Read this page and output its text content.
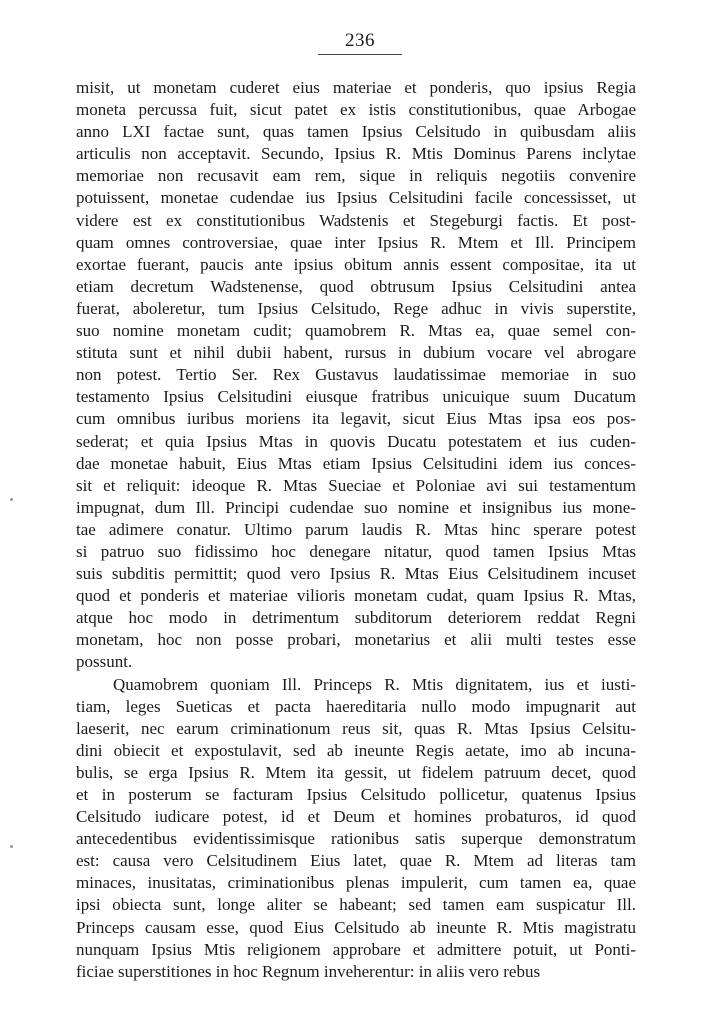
236
misit, ut monetam cuderet eius materiae et ponderis, quo ipsius Regia
moneta percussa fuit, sicut patet ex istis constitutionibus, quae Arbogae
anno LXI factae sunt, quas tamen Ipsius Celsitudo in quibusdam aliis
articulis non acceptavit. Secundo, Ipsius R. Mtis Dominus Parens inclytae
memoriae non recusavit eam rem, sique in reliquis negotiis convenire
potuissent, monetae cudendae ius Ipsius Celsitudini facile concessisset, ut
videre est ex constitutionibus Wadstenis et Stegeburgi factis. Et post-
quam omnes controversiae, quae inter Ipsius R. Mtem et Ill. Principem
exortae fuerant, paucis ante ipsius obitum annis essent compositae, ita ut
etiam decretum Wadstenense, quod obtrusum Ipsius Celsitudini antea
fuerat, aboleretur, tum Ipsius Celsitudo, Rege adhuc in vivis superstite,
suo nomine monetam cudit; quamobrem R. Mtas ea, quae semel con-
stituta sunt et nihil dubii habent, rursus in dubium vocare vel abrogare
non potest. Tertio Ser. Rex Gustavus laudatissimae memoriae in suo
testamento Ipsius Celsitudini eiusque fratribus unicuique suum Ducatum
cum omnibus iuribus moriens ita legavit, sicut Eius Mtas ipsa eos pos-
sederat; et quia Ipsius Mtas in quovis Ducatu potestatem et ius cuden-
dae monetae habuit, Eius Mtas etiam Ipsius Celsitudini idem ius conces-
sit et reliquit: ideoque R. Mtas Sueciae et Poloniae avi sui testamentum
impugnat, dum Ill. Principi cudendae suo nomine et insignibus ius mone-
tae adimere conatur. Ultimo parum laudis R. Mtas hinc sperare potest
si patruo suo fidissimo hoc denegare nitatur, quod tamen Ipsius Mtas
suis subditis permittit; quod vero Ipsius R. Mtas Eius Celsitudinem incuset
quod et ponderis et materiae vilioris monetam cudat, quam Ipsius R. Mtas,
atque hoc modo in detrimentum subditorum deteriorem reddat Regni
monetam, hoc non posse probari, monetarius et alii multi testes esse
possunt.
Quamobrem quoniam Ill. Princeps R. Mtis dignitatem, ius et iusti-
tiam, leges Sueticas et pacta haereditaria nullo modo impugnarit aut
laeserit, nec earum criminationum reus sit, quas R. Mtas Ipsius Celsitu-
dini obiecit et expostulavit, sed ab ineunte Regis aetate, imo ab incuna-
bulis, se erga Ipsius R. Mtem ita gessit, ut fidelem patruum decet, quod
et in posterum se facturam Ipsius Celsitudo pollicetur, quatenus Ipsius
Celsitudo iudicare potest, id et Deum et homines probaturos, id quod
antecedentibus evidentissimisque rationibus satis superque demonstratum
est: causa vero Celsitudinem Eius latet, quae R. Mtem ad literas tam
minaces, inusitatas, criminationibus plenas impulerit, cum tamen ea, quae
ipsi obiecta sunt, longe aliter se habeant; sed tamen eam suspicatur Ill.
Princeps causam esse, quod Eius Celsitudo ab ineunte R. Mtis magistratu
nunquam Ipsius Mtis religionem approbare et admittere potuit, ut Ponti-
ficiae superstitiones in hoc Regnum inveherentur: in aliis vero rebus
